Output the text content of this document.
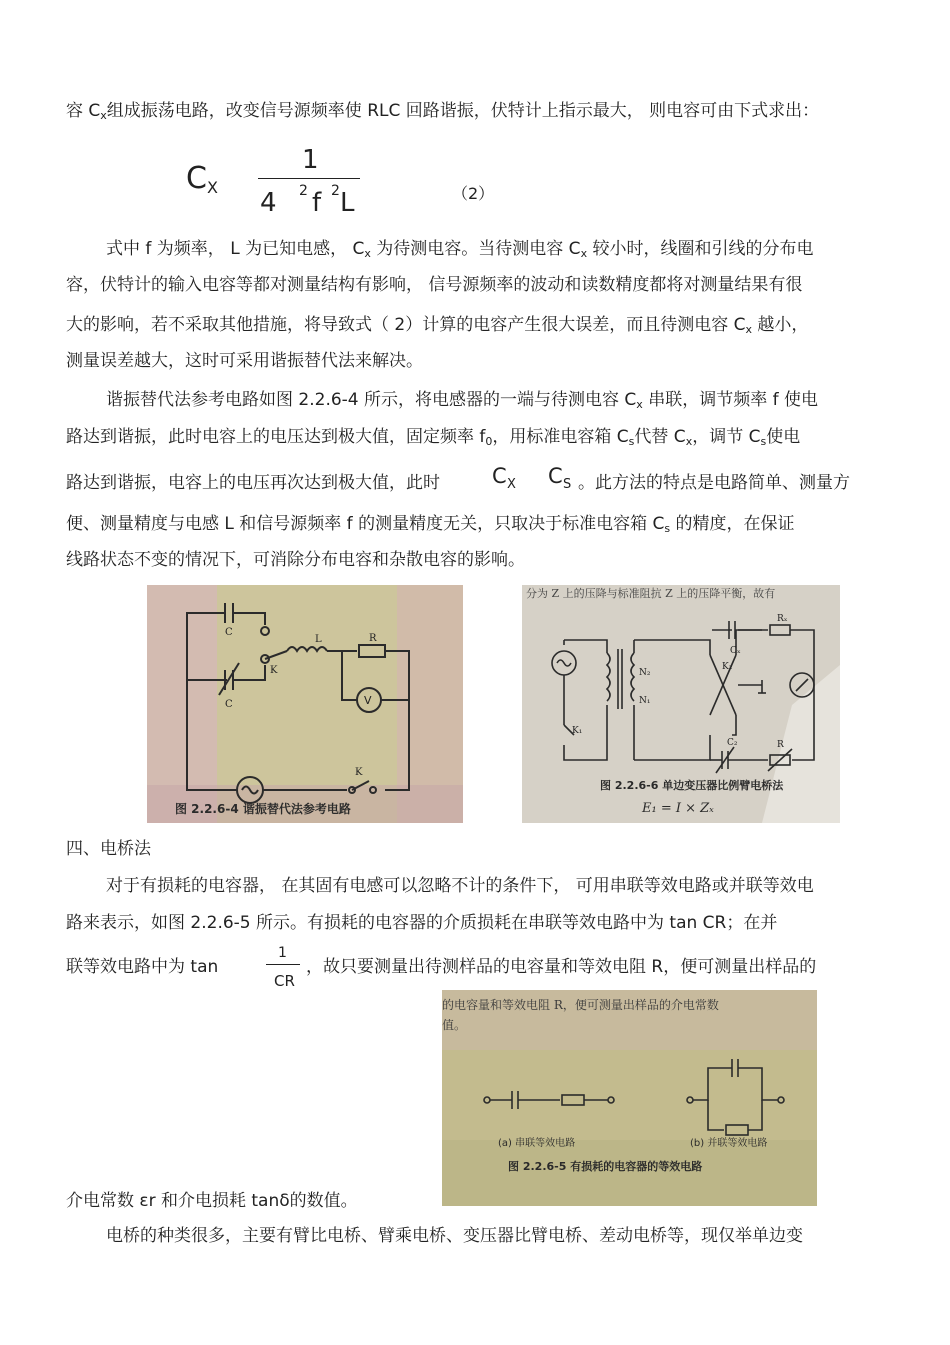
容 $C_x$组成振荡电路，改变信号源频率使 RLC 回路谐振，伏特计上指示最大， 则电容可由下式求出：

C X
1
4 2 f 2 L	（2）

式中 f 为频率， L 为已知电感， $C_x$ 为待测电容。当待测电容 $C_x$ 较小时，线圈和引线的分布电

容，伏特计的输入电容等都对测量结构有影响， 信号源频率的波动和读数精度都将对测量结果有很

大的影响，若不采取其他措施，将导致式（ 2）计算的电容产生很大误差，而且待测电容 $C_x$ 越小，

测量误差越大，这时可采用谐振替代法来解决。

谐振替代法参考电路如图 2.2.6-4 所示，将电感器的一端与待测电容 $C_x$ 串联，调节频率 f 使电

路达到谐振，此时电容上的电压达到极大值，固定频率 $f_0$，用标准电容箱 $C_s$代替 $C_x$，调节 $C_s$使电

路达到谐振，电容上的电压再次达到极大值，此时 C X C S 。此方法的特点是电路简单、测量方

便、测量精度与电感 L 和信号源频率 f 的测量精度无关，只取决于标准电容箱 $C_s$ 的精度，在保证

线路状态不变的情况下，可消除分布电容和杂散电容的影响。

C
L	R
K
V
C
K
图 2.2.6-4 谐振替代法参考电路
N₂
N₁
K₂
Cₓ
Rₓ
C₂	R
K₁
分为 Z 上的压降与标准阻抗 Z 上的压降平衡，故有
图 2.2.6-6 单边变压器比例臂电桥法
E₁ = I × Zₓ

四、电桥法

对于有损耗的电容器， 在其固有电感可以忽略不计的条件下， 可用串联等效电路或并联等效电

路来表示，如图 2.2.6-5 所示。有损耗的电容器的介质损耗在串联等效电路中为 tan CR；在并

联等效电路中为 tan

1
CR

，故只要测量出待测样品的电容量和等效电阻 R，便可测量出样品的

的电容量和等效电阻 R，便可测量出样品的介电常数
值。
(a) 串联等效电路	(b) 并联等效电路
图 2.2.6-5 有损耗的电容器的等效电路

介电常数 εr 和介电损耗 tanδ的数值。

电桥的种类很多，主要有臂比电桥、臂乘电桥、变压器比臂电桥、差动电桥等，现仅举单边变
